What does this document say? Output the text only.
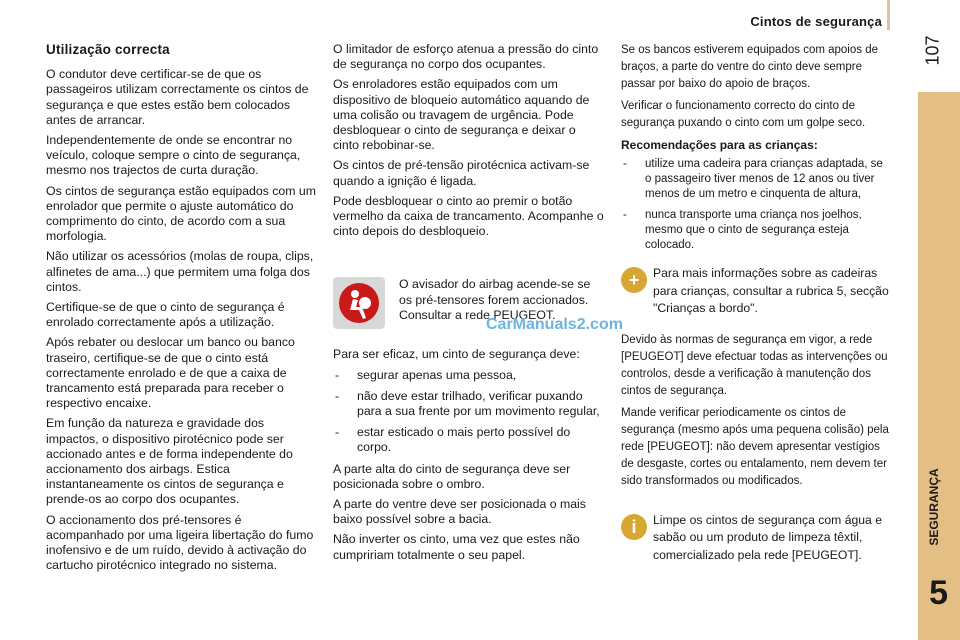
Cintos de segurança
107
SEGURANÇA
5
Utilização correcta

O condutor deve certificar-se de que os passageiros utilizam correctamente os cintos de segurança e que estes estão bem colocados antes de arrancar.

Independentemente de onde se encontrar no veículo, coloque sempre o cinto de segurança, mesmo nos trajectos de curta duração.

Os cintos de segurança estão equipados com um enrolador que permite o ajuste automático do comprimento do cinto, de acordo com a sua morfologia.

Não utilizar os acessórios (molas de roupa, clips, alfinetes de ama...) que permitem uma folga dos cintos.

Certifique-se de que o cinto de segurança é enrolado correctamente após a utilização.

Após rebater ou deslocar um banco ou banco traseiro, certifique-se de que o cinto está correctamente enrolado e de que a caixa de trancamento está preparada para receber o respectivo encaixe.

Em função da natureza e gravidade dos impactos, o dispositivo pirotécnico pode ser accionado antes e de forma independente do accionamento dos airbags. Estica instantaneamente os cintos de segurança e prende-os ao corpo dos ocupantes.

O accionamento dos pré-tensores é acompanhado por uma ligeira libertação do fumo inofensivo e de um ruído, devido à activação do cartucho pirotécnico integrado no sistema.

O limitador de esforço atenua a pressão do cinto de segurança no corpo dos ocupantes.

Os enroladores estão equipados com um dispositivo de bloqueio automático aquando de uma colisão ou travagem de urgência. Pode desbloquear o cinto de segurança e deixar o cinto rebobinar-se.

Os cintos de pré-tensão pirotécnica activam-se quando a ignição é ligada.

Pode desbloquear o cinto ao premir o botão vermelho da caixa de trancamento. Acompanhe o cinto depois do desbloqueio.

O avisador do airbag acende-se se os pré-tensores forem accionados. Consultar a rede PEUGEOT.
CarManuals2.com

Para ser eficaz, um cinto de segurança deve:

- segurar apenas uma pessoa,
- não deve estar trilhado, verificar puxando para a sua frente por um movimento regular,
- estar esticado o mais perto possível do corpo.

A parte alta do cinto de segurança deve ser posicionada sobre o ombro.

A parte do ventre deve ser posicionada o mais baixo possível sobre a bacia.

Não inverter os cinto, uma vez que estes não cumpririam totalmente o seu papel.

Se os bancos estiverem equipados com apoios de braços, a parte do ventre do cinto deve sempre passar por baixo do apoio de braços.

Verificar o funcionamento correcto do cinto de segurança puxando o cinto com um golpe seco.

Recomendações para as crianças:
- utilize uma cadeira para crianças adaptada, se o passageiro tiver menos de 12 anos ou tiver menos de um metro e cinquenta de altura,
- nunca transporte uma criança nos joelhos, mesmo que o cinto de segurança esteja colocado.
+	Para mais informações sobre as cadeiras para crianças, consultar a rubrica 5, secção "Crianças a bordo".

Devido às normas de segurança em vigor, a rede [PEUGEOT] deve efectuar todas as intervenções ou controlos, desde a verificação à manutenção dos cintos de segurança.

Mande verificar periodicamente os cintos de segurança (mesmo após uma pequena colisão) pela rede [PEUGEOT]: não devem apresentar vestígios de desgaste, cortes ou entalamento, nem devem ter sido transformados ou modificados.

i	Limpe os cintos de segurança com água e sabão ou um produto de limpeza têxtil, comercializado pela rede [PEUGEOT].
